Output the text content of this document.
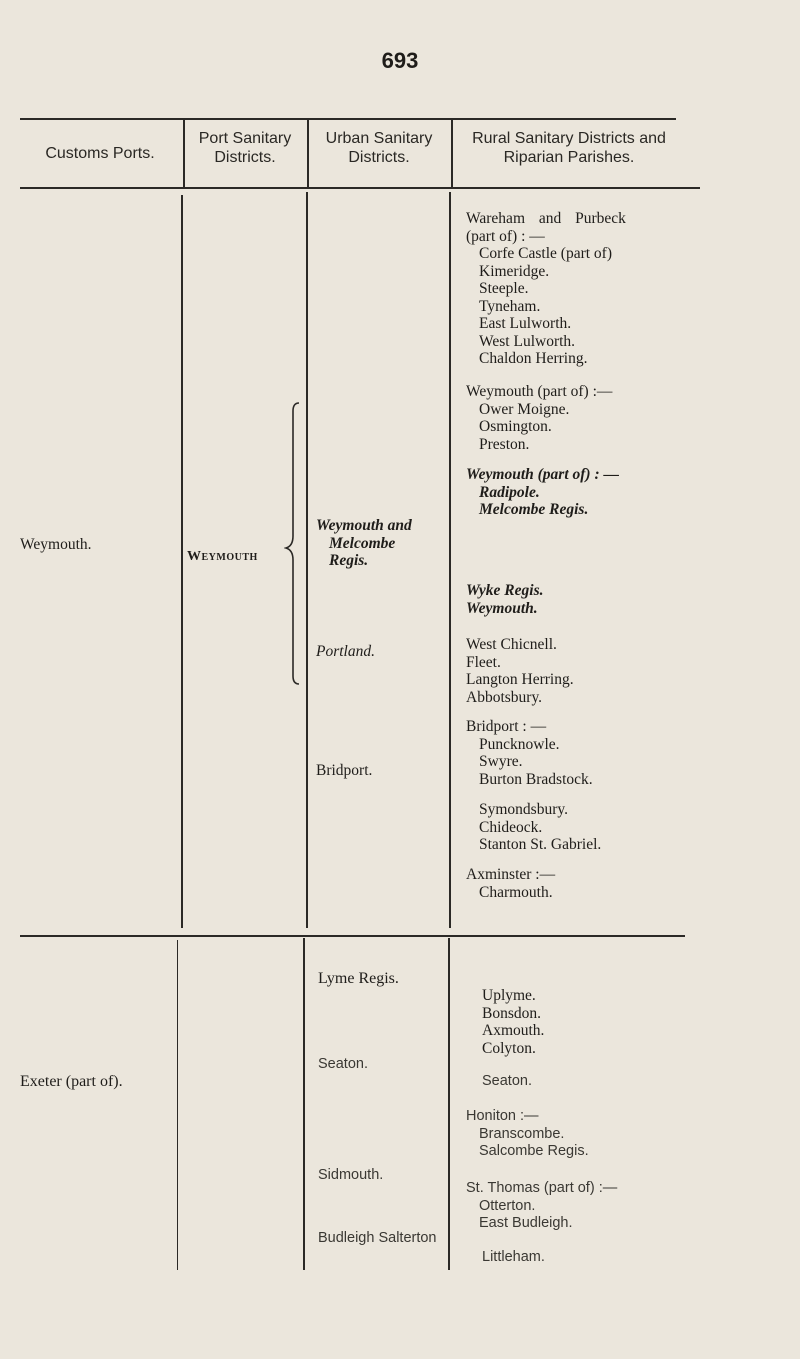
693
Customs Ports.
Port Sanitary
Districts.
Urban Sanitary
Districts.
Rural Sanitary Districts and
Riparian Parishes.
Weymouth.
Weymouth
Weymouth and
Melcombe
Regis.
Portland.
Bridport.
Wareham and Purbeck
(part of) : —
Corfe Castle (part of)
Kimeridge.
Steeple.
Tyneham.
East Lulworth.
West Lulworth.
Chaldon Herring.
Weymouth (part of) :—
Ower Moigne.
Osmington.
Preston.
Weymouth (part of) : —
Radipole.
Melcombe Regis.
Wyke Regis.
Weymouth.
West Chicnell.
Fleet.
Langton Herring.
Abbotsbury.
Bridport : —
Puncknowle.
Swyre.
Burton Bradstock.
Symondsbury.
Chideock.
Stanton St. Gabriel.
Axminster :—
Charmouth.
Exeter (part of).
Lyme Regis.
Seaton.
Sidmouth.
Budleigh Salterton
Uplyme.
Bonsdon.
Axmouth.
Colyton.
Seaton.
Honiton :—
Branscombe.
Salcombe Regis.
St. Thomas (part of) :—
Otterton.
East Budleigh.
Littleham.
